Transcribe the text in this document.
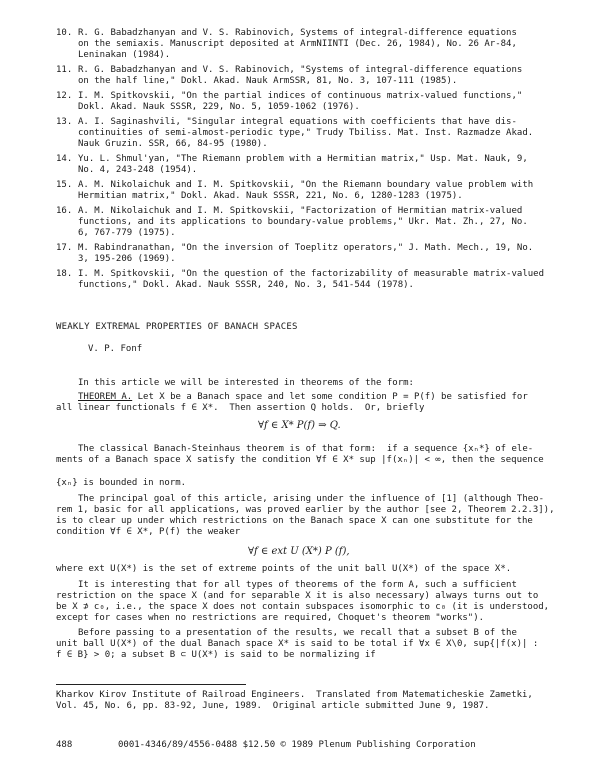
10. R. G. Babadzhanyan and V. S. Rabinovich, Systems of integral-difference equations
on the semiaxis. Manuscript deposited at ArmNIINTI (Dec. 26, 1984), No. 26 Ar-84,
Leninakan (1984).
11. R. G. Babadzhanyan and V. S. Rabinovich, "Systems of integral-difference equations
on the half line," Dokl. Akad. Nauk ArmSSR, 81, No. 3, 107-111 (1985).
12. I. M. Spitkovskii, "On the partial indices of continuous matrix-valued functions,"
Dokl. Akad. Nauk SSSR, 229, No. 5, 1059-1062 (1976).
13. A. I. Saginashvili, "Singular integral equations with coefficients that have dis-
continuities of semi-almost-periodic type," Trudy Tbiliss. Mat. Inst. Razmadze Akad.
Nauk Gruzin. SSR, 66, 84-95 (1980).
14. Yu. L. Shmul'yan, "The Riemann problem with a Hermitian matrix," Usp. Mat. Nauk, 9,
No. 4, 243-248 (1954).
15. A. M. Nikolaichuk and I. M. Spitkovskii, "On the Riemann boundary value problem with
Hermitian matrix," Dokl. Akad. Nauk SSSR, 221, No. 6, 1280-1283 (1975).
16. A. M. Nikolaichuk and I. M. Spitkovskii, "Factorization of Hermitian matrix-valued
functions, and its applications to boundary-value problems," Ukr. Mat. Zh., 27, No.
6, 767-779 (1975).
17. M. Rabindranathan, "On the inversion of Toeplitz operators," J. Math. Mech., 19, No.
3, 195-206 (1969).
18. I. M. Spitkovskii, "On the question of the factorizability of measurable matrix-valued
functions," Dokl. Akad. Nauk SSSR, 240, No. 3, 541-544 (1978).
WEAKLY EXTREMAL PROPERTIES OF BANACH SPACES
V. P. Fonf
In this article we will be interested in theorems of the form:
THEOREM A. Let X be a Banach space and let some condition P = P(f) be satisfied for
all linear functionals f ∈ X*.  Then assertion Q holds.  Or, briefly
∀f ∈ X* P(f) ⇒ Q.
The classical Banach-Steinhaus theorem is of that form:  if a sequence {xₙ*} of ele-
ments of a Banach space X satisfy the condition ∀f ∈ X* sup |f(xₙ)| < ∞, then the sequence
{xₙ} is bounded in norm.
The principal goal of this article, arising under the influence of [1] (although Theo-
rem 1, basic for all applications, was proved earlier by the author [see 2, Theorem 2.2.3]),
is to clear up under which restrictions on the Banach space X can one substitute for the
condition ∀f ∈ X*, P(f) the weaker
∀f ∈ ext U (X*) P (f),
where ext U(X*) is the set of extreme points of the unit ball U(X*) of the space X*.
It is interesting that for all types of theorems of the form A, such a sufficient
restriction on the space X (and for separable X it is also necessary) always turns out to
be X ⊅ c₀, i.e., the space X does not contain subspaces isomorphic to c₀ (it is understood,
except for cases when no restrictions are required, Choquet's theorem "works").
Before passing to a presentation of the results, we recall that a subset B of the
unit ball U(X*) of the dual Banach space X* is said to be total if ∀x ∈ X\0, sup{|f(x)| :
f ∈ B} > 0; a subset B ⊂ U(X*) is said to be normalizing if
Kharkov Kirov Institute of Railroad Engineers.  Translated from Matematicheskie Zametki,
Vol. 45, No. 6, pp. 83-92, June, 1989.  Original article submitted June 9, 1987.
488	0001-4346/89/4556-0488 $12.50 © 1989 Plenum Publishing Corporation
